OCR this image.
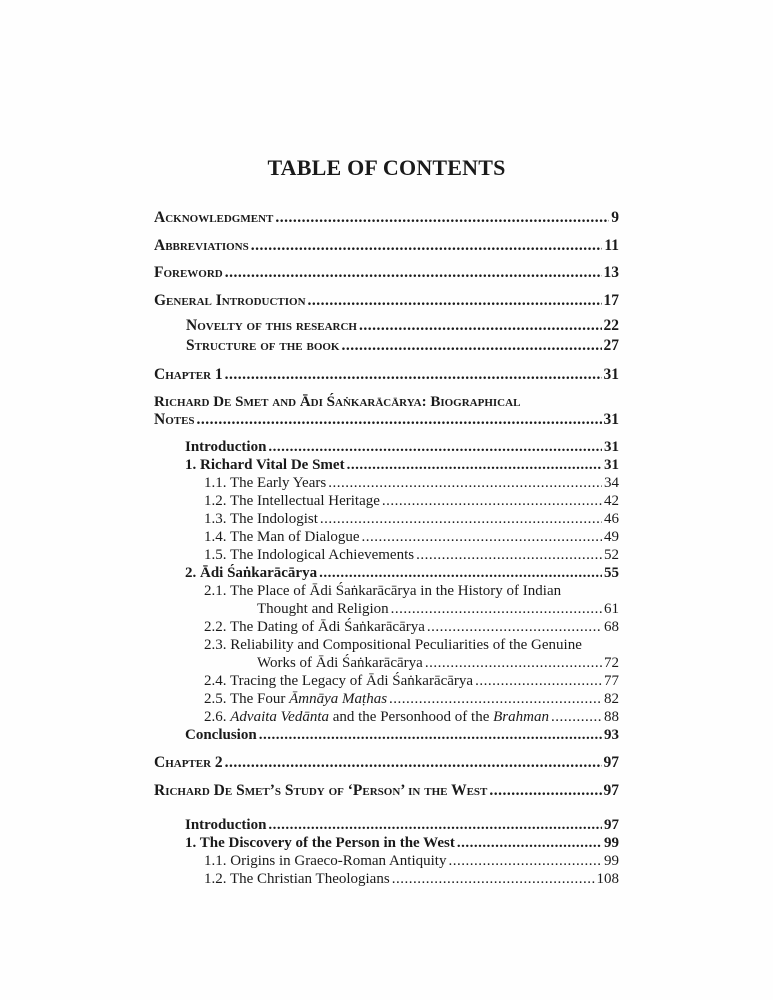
TABLE OF CONTENTS
Acknowledgment .....	9
Abbreviations .....	11
Foreword .....	13
General Introduction .....	17
Novelty of this research .....	22
Structure of the book .....	27
Chapter 1 .....	31
Richard De Smet and Ādi Śaṅkarācārya: Biographical
Notes .....	31
Introduction .....	31
1. Richard Vital De Smet .....	31
1.1. The Early Years .....	34
1.2. The Intellectual Heritage .....	42
1.3. The Indologist .....	46
1.4. The Man of Dialogue .....	49
1.5. The Indological Achievements .....	52
2. Ādi Śaṅkarācārya .....	55
2.1. The Place of Ādi Śaṅkarācārya in the History of Indian
Thought and Religion .....	61
2.2. The Dating of Ādi Śaṅkarācārya .....	68
2.3. Reliability and Compositional Peculiarities of the Genuine
Works of Ādi Śaṅkarācārya .....	72
2.4. Tracing the Legacy of Ādi Śaṅkarācārya .....	77
2.5. The Four Āmnāya Maṭhas .....	82
2.6. Advaita Vedānta and the Personhood of the Brahman .....	88
Conclusion .....	93
Chapter 2 .....	97
Richard De Smet’s Study of ‘Person’ in the West .....	97
Introduction .....	97
1. The Discovery of the Person in the West .....	99
1.1. Origins in Graeco-Roman Antiquity .....	99
1.2. The Christian Theologians .....	108
